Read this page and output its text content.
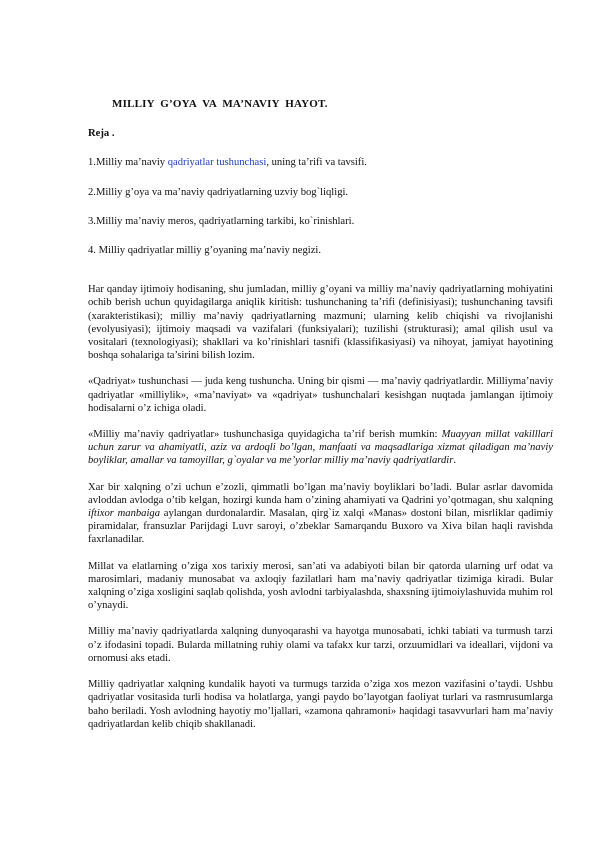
MILLIY G’OYA VA MA’NAVIY HAYOT.
Reja .
1.Milliy ma’naviy qadriyatlar tushunchasi, uning ta’rifi va tavsifi.
2.Milliy g’oya va ma’naviy qadriyatlarning uzviy bog`liqligi.
3.Milliy ma’naviy meros, qadriyatlarning tarkibi, ko`rinishlari.
4. Milliy qadriyatlar milliy g’oyaning ma’naviy negizi.

Har qanday ijtimoiy hodisaning, shu jumladan, milliy g’oyani va milliy ma’naviy qadriyatlarning mohiyatini ochib berish uchun quyidagilarga aniqlik kiritish: tushunchaning ta’rifi (definisiyasi); tushunchaning tavsifi (xarakteristikasi); milliy ma’naviy qadriyatlarning mazmuni; ularning kelib chiqishi va rivojlanishi (evolyusiyasi); ijtimoiy maqsadi va vazifalari (funksiyalari); tuzilishi (strukturasi); amal qilish usul va vositalari (texnologiyasi); shakllari va ko’rinishlari tasnifi (klassifikasiyasi) va nihoyat, jamiyat hayotining boshqa sohalariga ta’sirini bilish lozim.

«Qadriyat» tushunchasi — juda keng tushuncha. Uning bir qismi — ma’naviy qadriyatlardir. Milliyma’naviy qadriyatlar «milliylik», «ma’naviyat» va «qadriyat» tushunchalari kesishgan nuqtada jamlangan ijtimoiy hodisalarni o’z ichiga oladi.

«Milliy ma’naviy qadriyatlar» tushunchasiga quyidagicha ta’rif berish mumkin: Muayyan millat vakilllari uchun zarur va ahamiyatli, aziz va ardoqli bo’lgan, manfaati va maqsadlariga xizmat qiladigan ma’naviy boyliklar, amallar va tamoyillar, g`oyalar va me’yorlar milliy ma’naviy qadriyatlardir.

Xar bir xalqning o’zi uchun e’zozli, qimmatli bo’lgan ma’naviy boyliklari bo’ladi. Bular asrlar davomida avloddan avlodga o’tib kelgan, hozirgi kunda ham o’zining ahamiyati va Qadrini yo’qotmagan, shu xalqning iftixor manbaiga aylangan durdonalardir. Masalan, qirg`iz xalqi «Manas» dostoni bilan, misrliklar qadimiy piramidalar, fransuzlar Parijdagi Luvr saroyi, o’zbeklar Samarqandu Buxoro va Xiva bilan haqli ravishda faxrlanadilar.

Millat va elatlarning o’ziga xos tarixiy merosi, san’ati va adabiyoti bilan bir qatorda ularning urf odat va marosimlari, madaniy munosabat va axloqiy fazilatlari ham ma’naviy qadriyatlar tizimiga kiradi. Bular xalqning o’ziga xosligini saqlab qolishda, yosh avlodni tarbiyalashda, shaxsning ijtimoiylashuvida muhim rol o’ynaydi.

Milliy ma’naviy qadriyatlarda xalqning dunyoqarashi va hayotga munosabati, ichki tabiati va turmush tarzi o’z ifodasini topadi. Bularda millatning ruhiy olami va tafakx kur tarzi, orzuumidlari va ideallari, vijdoni va ornomusi aks etadi.

Milliy qadriyatlar xalqning kundalik hayoti va turmugs tarzida o’ziga xos mezon vazifasini o’taydi. Ushbu qadriyatlar vositasida turli hodisa va holatlarga, yangi paydo bo’layotgan faoliyat turlari va rasmrusumlarga baho beriladi. Yosh avlodning hayotiy mo’ljallari, «zamona qahramoni» haqidagi tasavvurlari ham ma’naviy qadriyatlardan kelib chiqib shakllanadi.
